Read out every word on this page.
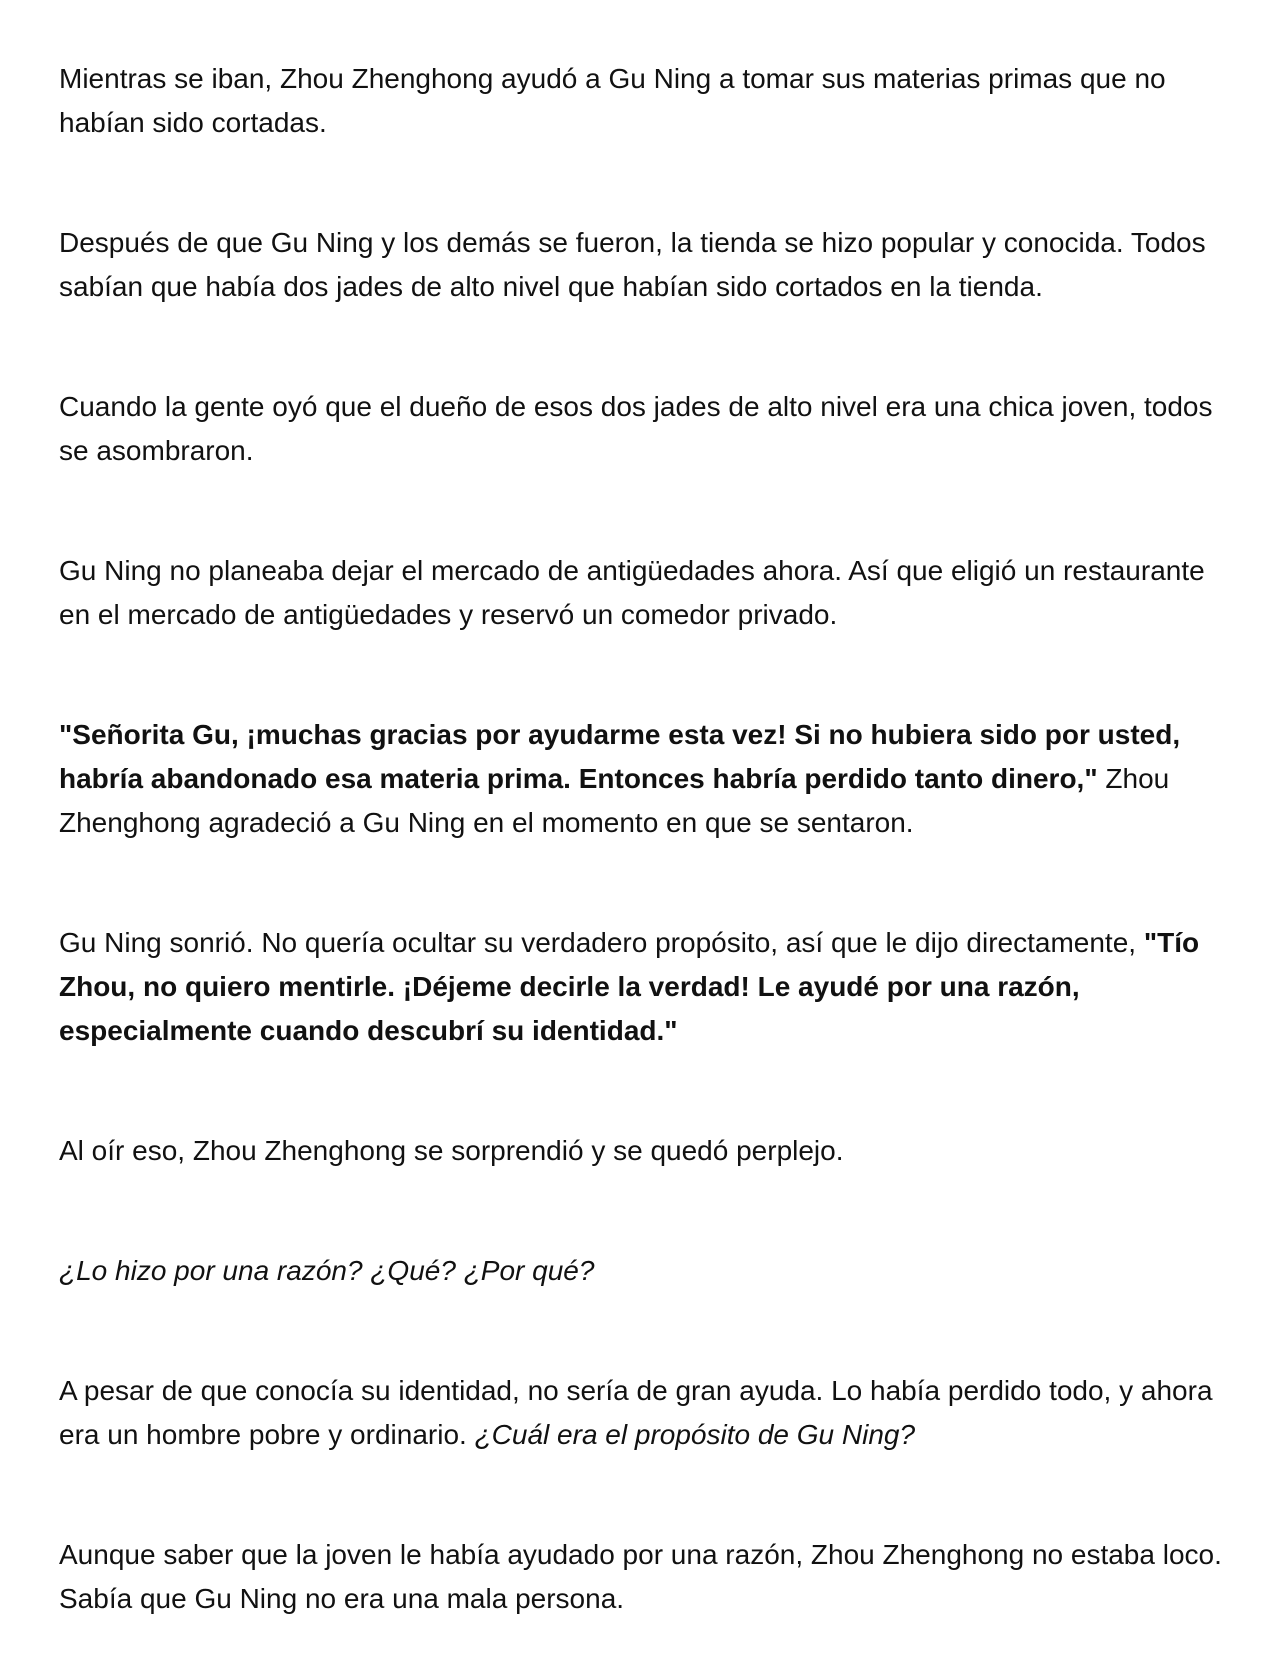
Mientras se iban, Zhou Zhenghong ayudó a Gu Ning a tomar sus materias primas que no habían sido cortadas.

Después de que Gu Ning y los demás se fueron, la tienda se hizo popular y conocida. Todos sabían que había dos jades de alto nivel que habían sido cortados en la tienda.

Cuando la gente oyó que el dueño de esos dos jades de alto nivel era una chica joven, todos se asombraron.

Gu Ning no planeaba dejar el mercado de antigüedades ahora. Así que eligió un restaurante en el mercado de antigüedades y reservó un comedor privado.

"Señorita Gu, ¡muchas gracias por ayudarme esta vez! Si no hubiera sido por usted, habría abandonado esa materia prima. Entonces habría perdido tanto dinero," Zhou Zhenghong agradeció a Gu Ning en el momento en que se sentaron.

Gu Ning sonrió. No quería ocultar su verdadero propósito, así que le dijo directamente, "Tío Zhou, no quiero mentirle. ¡Déjeme decirle la verdad! Le ayudé por una razón, especialmente cuando descubrí su identidad."

Al oír eso, Zhou Zhenghong se sorprendió y se quedó perplejo.

¿Lo hizo por una razón? ¿Qué? ¿Por qué?

A pesar de que conocía su identidad, no sería de gran ayuda. Lo había perdido todo, y ahora era un hombre pobre y ordinario. ¿Cuál era el propósito de Gu Ning?

Aunque saber que la joven le había ayudado por una razón, Zhou Zhenghong no estaba loco. Sabía que Gu Ning no era una mala persona.
